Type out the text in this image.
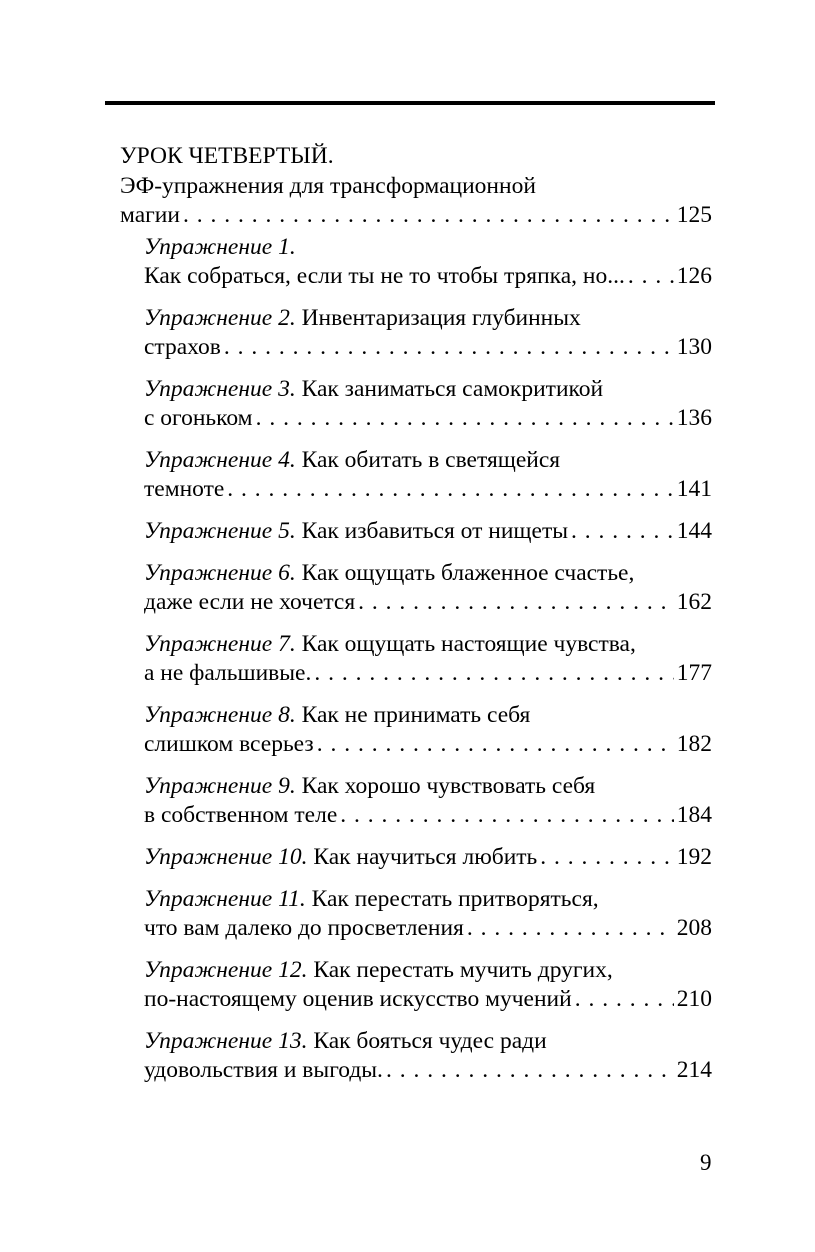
УРОК ЧЕТВЕРТЫЙ.
ЭФ-упражнения для трансформационной
магии . . .	125
Упражнение 1.
Как собраться, если ты не то чтобы тряпка, но... . . . 126
Упражнение 2. Инвентаризация глубинных
страхов . . .	130
Упражнение 3. Как заниматься самокритикой
с огоньком . . .	136
Упражнение 4. Как обитать в светящейся
темноте . . .	141
Упражнение 5. Как избавиться от нищеты . . .	144
Упражнение 6. Как ощущать блаженное счастье,
даже если не хочется . . .	162
Упражнение 7. Как ощущать настоящие чувства,
а не фальшивые. . . .	177
Упражнение 8. Как не принимать себя
слишком всерьез . . .	182
Упражнение 9. Как хорошо чувствовать себя
в собственном теле . . .	184
Упражнение 10. Как научиться любить . . .	192
Упражнение 11. Как перестать притворяться,
что вам далеко до просветления . . .	208
Упражнение 12. Как перестать мучить других,
по-настоящему оценив искусство мучений . . .	210
Упражнение 13. Как бояться чудес ради
удовольствия и выгоды. . . .	214
9
